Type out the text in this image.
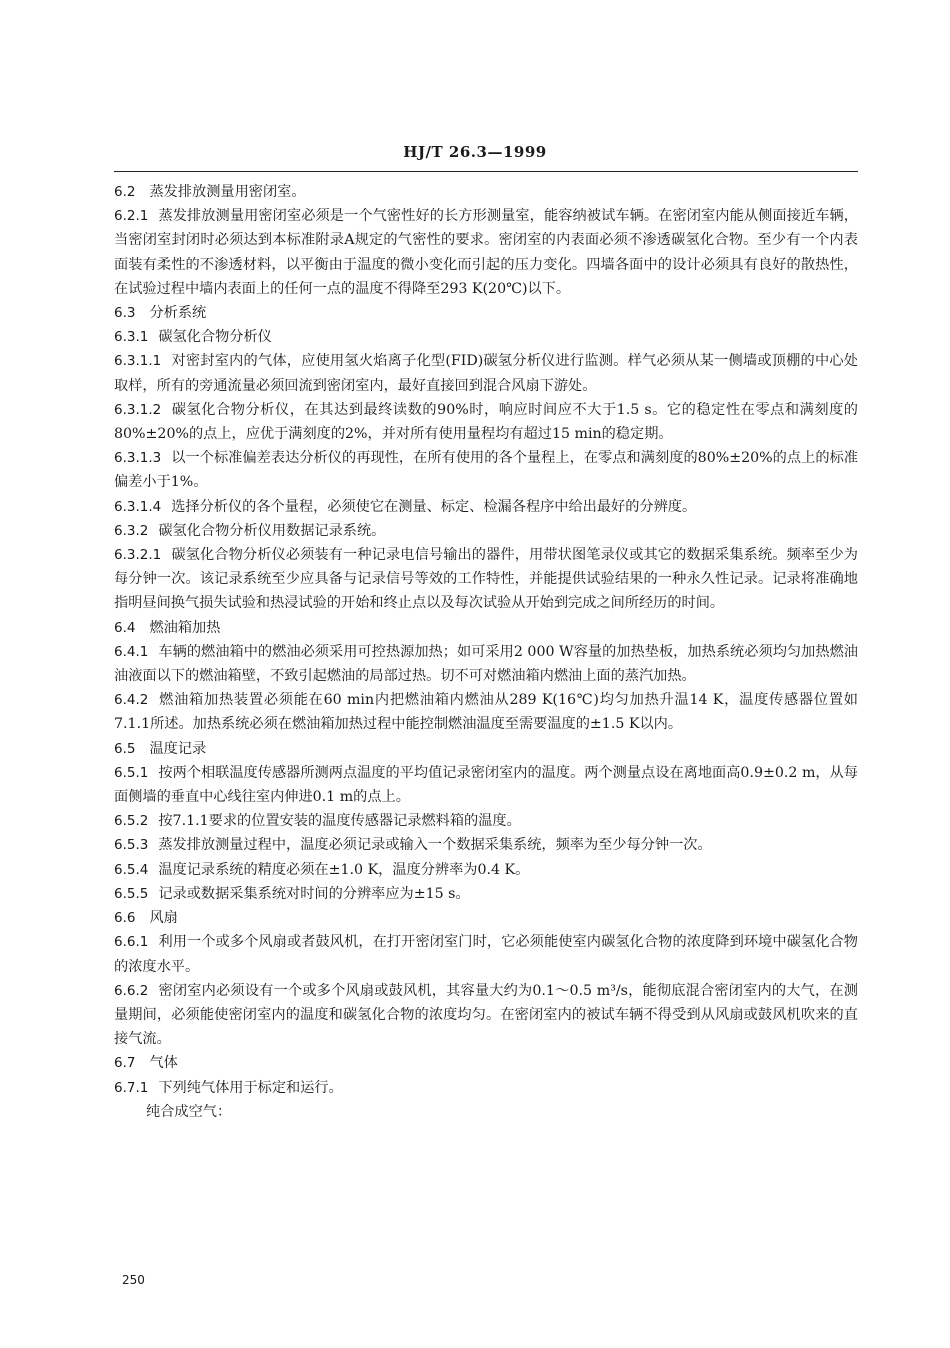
HJ/T 26.3—1999

6.2 蒸发排放测量用密闭室。

6.2.1 蒸发排放测量用密闭室必须是一个气密性好的长方形测量室，能容纳被试车辆。在密闭室内能从侧面接近车辆，当密闭室封闭时必须达到本标准附录A规定的气密性的要求。密闭室的内表面必须不渗透碳氢化合物。至少有一个内表面装有柔性的不渗透材料，以平衡由于温度的微小变化而引起的压力变化。四墙各面中的设计必须具有良好的散热性，在试验过程中墙内表面上的任何一点的温度不得降至293 K(20℃)以下。

6.3 分析系统

6.3.1 碳氢化合物分析仪

6.3.1.1 对密封室内的气体，应使用氢火焰离子化型(FID)碳氢分析仪进行监测。样气必须从某一侧墙或顶棚的中心处取样，所有的旁通流量必须回流到密闭室内，最好直接回到混合风扇下游处。

6.3.1.2 碳氢化合物分析仪，在其达到最终读数的90%时，响应时间应不大于1.5 s。它的稳定性在零点和满刻度的80%±20%的点上，应优于满刻度的2%，并对所有使用量程均有超过15 min的稳定期。

6.3.1.3 以一个标准偏差表达分析仪的再现性，在所有使用的各个量程上，在零点和满刻度的80%±20%的点上的标准偏差小于1%。

6.3.1.4 选择分析仪的各个量程，必须使它在测量、标定、检漏各程序中给出最好的分辨度。

6.3.2 碳氢化合物分析仪用数据记录系统。

6.3.2.1 碳氢化合物分析仪必须装有一种记录电信号输出的器件，用带状图笔录仪或其它的数据采集系统。频率至少为每分钟一次。该记录系统至少应具备与记录信号等效的工作特性，并能提供试验结果的一种永久性记录。记录将准确地指明昼间换气损失试验和热浸试验的开始和终止点以及每次试验从开始到完成之间所经历的时间。

6.4 燃油箱加热

6.4.1 车辆的燃油箱中的燃油必须采用可控热源加热；如可采用2 000 W容量的加热垫板，加热系统必须均匀加热燃油油液面以下的燃油箱壁，不致引起燃油的局部过热。切不可对燃油箱内燃油上面的蒸汽加热。

6.4.2 燃油箱加热装置必须能在60 min内把燃油箱内燃油从289 K(16℃)均匀加热升温14 K，温度传感器位置如7.1.1所述。加热系统必须在燃油箱加热过程中能控制燃油温度至需要温度的±1.5 K以内。

6.5 温度记录

6.5.1 按两个相联温度传感器所测两点温度的平均值记录密闭室内的温度。两个测量点设在离地面高0.9±0.2 m，从每面侧墙的垂直中心线往室内伸进0.1 m的点上。

6.5.2 按7.1.1要求的位置安装的温度传感器记录燃料箱的温度。

6.5.3 蒸发排放测量过程中，温度必须记录或输入一个数据采集系统，频率为至少每分钟一次。

6.5.4 温度记录系统的精度必须在±1.0 K，温度分辨率为0.4 K。

6.5.5 记录或数据采集系统对时间的分辨率应为±15 s。

6.6 风扇

6.6.1 利用一个或多个风扇或者鼓风机，在打开密闭室门时，它必须能使室内碳氢化合物的浓度降到环境中碳氢化合物的浓度水平。

6.6.2 密闭室内必须设有一个或多个风扇或鼓风机，其容量大约为0.1～0.5 m³/s，能彻底混合密闭室内的大气，在测量期间，必须能使密闭室内的温度和碳氢化合物的浓度均匀。在密闭室内的被试车辆不得受到从风扇或鼓风机吹来的直接气流。

6.7 气体

6.7.1 下列纯气体用于标定和运行。

纯合成空气：

250
